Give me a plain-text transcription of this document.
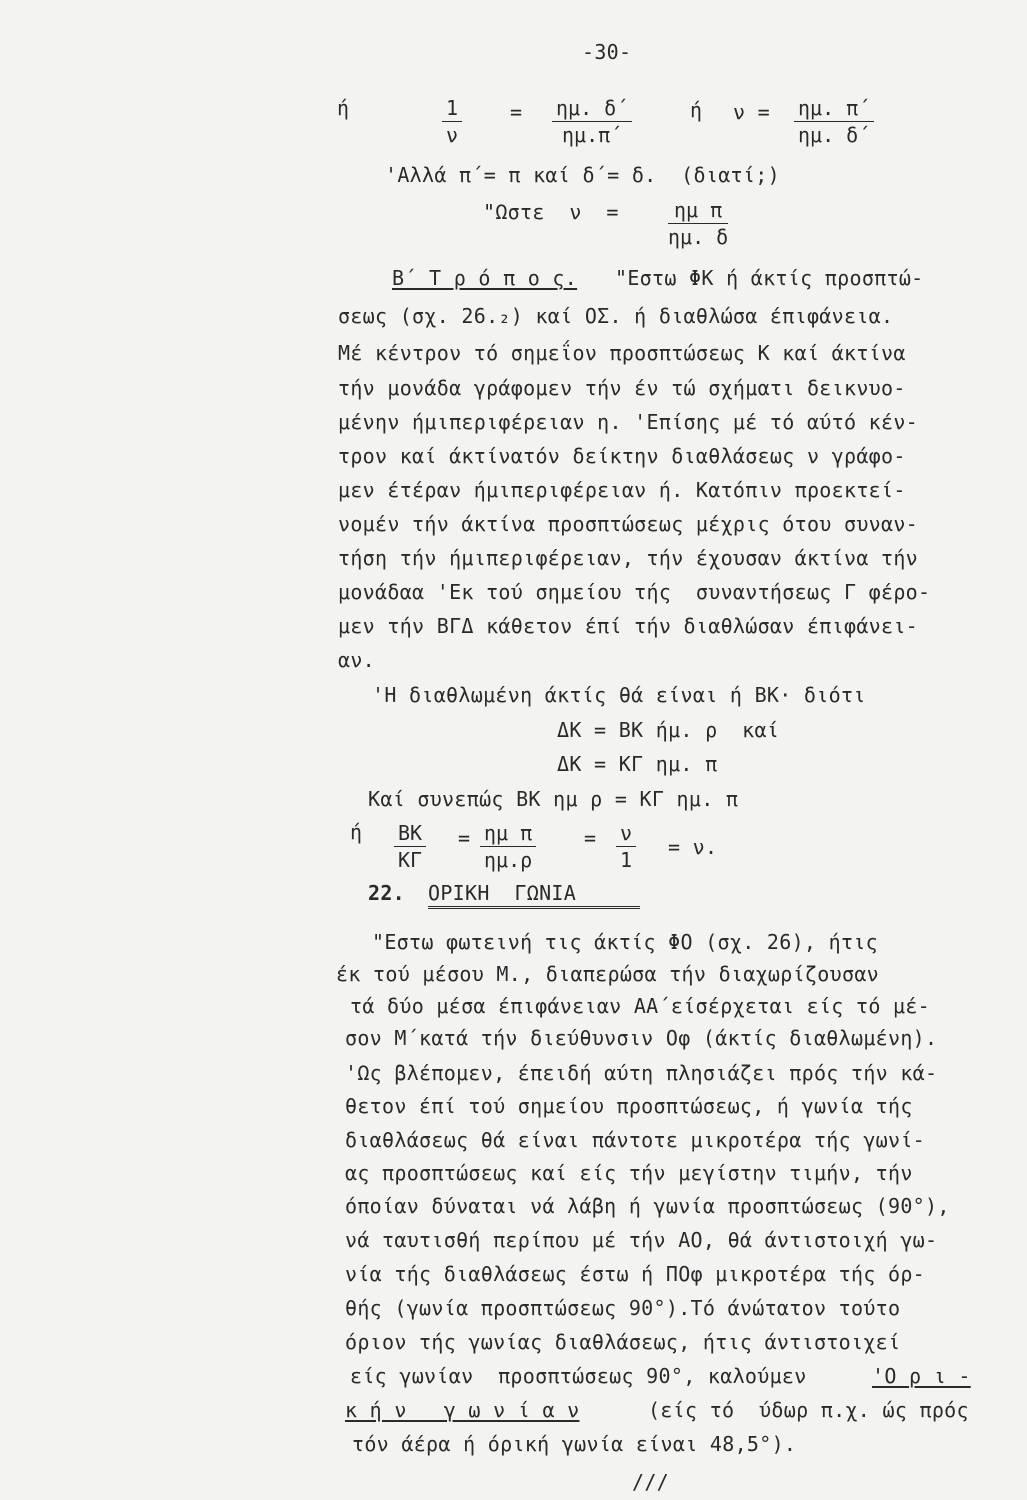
-30-
ή	$\frac{1}{\nu} = \frac{\eta\mu. \delta΄}{\eta\mu.\pi΄}$	ή $\nu = \frac{\eta\mu. \pi΄}{\eta\mu. \delta΄}$
'Αλλά π΄= π καί δ΄= δ.  (διατί;)
"Ωστε  $\nu = \frac{\text{ημ π}}{\eta\mu. \delta}$
Β΄ Τ ρ ό π ο ς. "Εστω ΦΚ ή άκτίς προσπτώ-
σεως (σχ. 26.₂) καί ΟΣ. ή διαθλώσα έπιφάνεια.
Μέ κέντρον τό σημεΐον προσπτώσεως Κ καί άκτίνα
τήν μονάδα γράφομεν τήν έν τώ σχήματι δεικνυο-
μένην ήμιπεριφέρειαν η. 'Επίσης μέ τό αύτό κέν-
τρον καί άκτίνατόν δείκτην διαθλάσεως ν γράφο-
μεν έτέραν ήμιπεριφέρειαν ή. Κατόπιν προεκτεί-
νομέν τήν άκτίνα προσπτώσεως μέχρις ότου συναν-
τήση τήν ήμιπεριφέρειαν, τήν έχουσαν άκτίνα τήν
μονάδαα 'Εκ τού σημείου τής  συναντήσεως Γ φέρο-
μεν τήν ΒΓΔ κάθετον έπί τήν διαθλώσαν έπιφάνει-
αν.
'Η διαθλωμένη άκτίς θά είναι ή ΒΚ· διότι
ΔΚ = ΒΚ ήμ. ρ  καί
ΔΚ = ΚΓ ημ. π
Καί συνεπώς ΒΚ ημ ρ = ΚΓ ημ. π
ή $\frac{BK}{K\Gamma} = \frac{\text{ημ π}}{\eta\mu.\rho} = \frac{\nu}{1} = \nu$.
22. ΟΡΙΚΗ  ΓΩΝΙΑ
"Εστω φωτεινή τις άκτίς ΦΟ (σχ. 26), ήτις
έκ τού μέσου Μ., διαπερώσα τήν διαχωρίζουσαν
τά δύο μέσα έπιφάνειαν ΑΑ΄είσέρχεται είς τό μέ-
σον Μ΄κατά τήν διεύθυνσιν Οφ (άκτίς διαθλωμένη).
'Ως βλέπομεν, έπειδή αύτη πλησιάζει πρός τήν κά-
θετον έπί τού σημείου προσπτώσεως, ή γωνία τής
διαθλάσεως θά είναι πάντοτε μικροτέρα τής γωνί-
ας προσπτώσεως καί είς τήν μεγίστην τιμήν, τήν
όποίαν δύναται νά λάβη ή γωνία προσπτώσεως (90°),
νά ταυτισθή περίπου μέ τήν ΑΟ, θά άντιστοιχή γω-
νία τής διαθλάσεως έστω ή ΠΟφ μικροτέρα τής όρ-
θής (γωνία προσπτώσεως 90°).Τό άνώτατον τούτο
όριον τής γωνίας διαθλάσεως, ήτις άντιστοιχεί
είς γωνίαν  προσπτώσεως 90°, καλούμεν	'Ο ρ ι -
κ ή ν   γ ω ν ί α ν	(είς τό  ύδωρ π.χ. ώς πρός
τόν άέρα ή όρική γωνία είναι 48,5°).
///
